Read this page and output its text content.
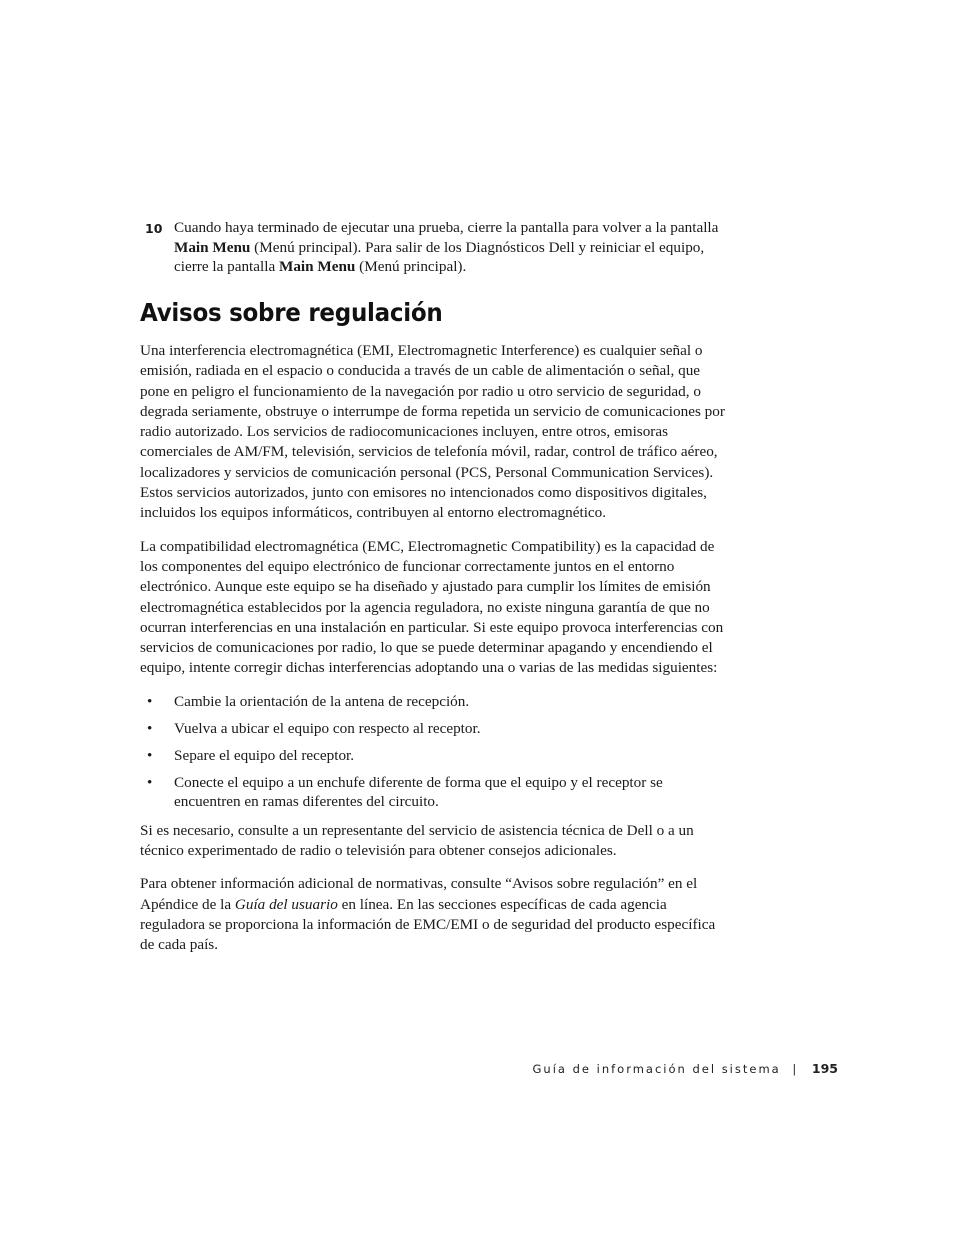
10 Cuando haya terminado de ejecutar una prueba, cierre la pantalla para volver a la pantalla Main Menu (Menú principal). Para salir de los Diagnósticos Dell y reiniciar el equipo, cierre la pantalla Main Menu (Menú principal).
Avisos sobre regulación

Una interferencia electromagnética (EMI, Electromagnetic Interference) es cualquier señal o emisión, radiada en el espacio o conducida a través de un cable de alimentación o señal, que pone en peligro el funcionamiento de la navegación por radio u otro servicio de seguridad, o degrada seriamente, obstruye o interrumpe de forma repetida un servicio de comunicaciones por radio autorizado. Los servicios de radiocomunicaciones incluyen, entre otros, emisoras comerciales de AM/FM, televisión, servicios de telefonía móvil, radar, control de tráfico aéreo, localizadores y servicios de comunicación personal (PCS, Personal Communication Services). Estos servicios autorizados, junto con emisores no intencionados como dispositivos digitales, incluidos los equipos informáticos, contribuyen al entorno electromagnético.

La compatibilidad electromagnética (EMC, Electromagnetic Compatibility) es la capacidad de los componentes del equipo electrónico de funcionar correctamente juntos en el entorno electrónico. Aunque este equipo se ha diseñado y ajustado para cumplir los límites de emisión electromagnética establecidos por la agencia reguladora, no existe ninguna garantía de que no ocurran interferencias en una instalación en particular. Si este equipo provoca interferencias con servicios de comunicaciones por radio, lo que se puede determinar apagando y encendiendo el equipo, intente corregir dichas interferencias adoptando una o varias de las medidas siguientes:

• Cambie la orientación de la antena de recepción.
• Vuelva a ubicar el equipo con respecto al receptor.
• Separe el equipo del receptor.
• Conecte el equipo a un enchufe diferente de forma que el equipo y el receptor se encuentren en ramas diferentes del circuito.

Si es necesario, consulte a un representante del servicio de asistencia técnica de Dell o a un técnico experimentado de radio o televisión para obtener consejos adicionales.

Para obtener información adicional de normativas, consulte “Avisos sobre regulación” en el Apéndice de la Guía del usuario en línea. En las secciones específicas de cada agencia reguladora se proporciona la información de EMC/EMI o de seguridad del producto específica de cada país.

Guía de información del sistema | 195
